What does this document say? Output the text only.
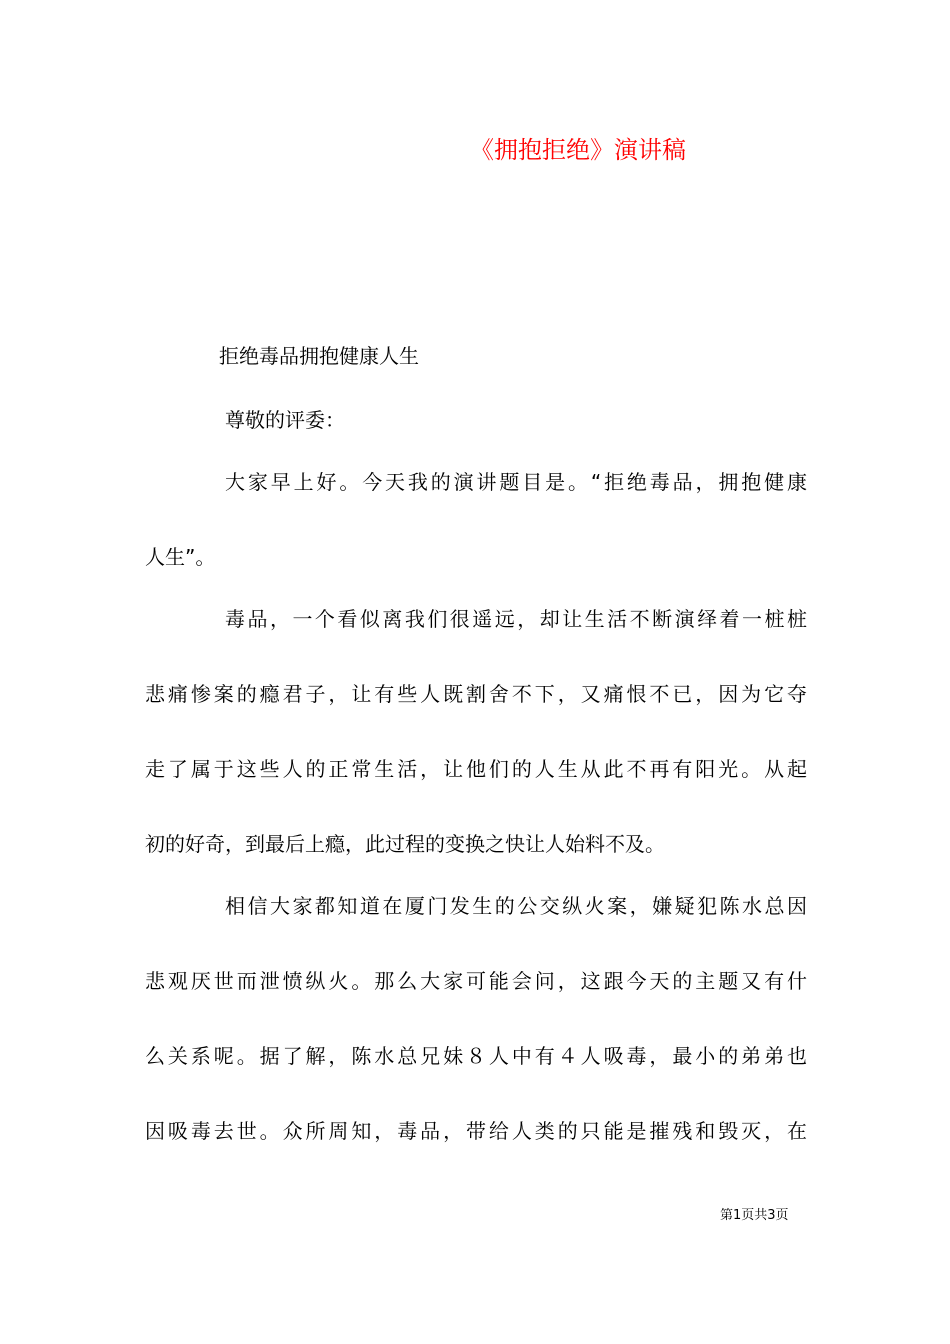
《拥抱拒绝》演讲稿
拒绝毒品拥抱健康人生
尊敬的评委：
大家早上好。今天我的演讲题目是。“拒绝毒品，拥抱健康
人生”。
毒品，一个看似离我们很遥远，却让生活不断演绎着一桩桩
悲痛惨案的瘾君子，让有些人既割舍不下，又痛恨不已，因为它夺
走了属于这些人的正常生活，让他们的人生从此不再有阳光。从起
初的好奇，到最后上瘾，此过程的变换之快让人始料不及。
相信大家都知道在厦门发生的公交纵火案，嫌疑犯陈水总因
悲观厌世而泄愤纵火。那么大家可能会问，这跟今天的主题又有什
么关系呢。据了解，陈水总兄妹８人中有４人吸毒，最小的弟弟也
因吸毒去世。众所周知，毒品，带给人类的只能是摧残和毁灭，在
第1页共3页
